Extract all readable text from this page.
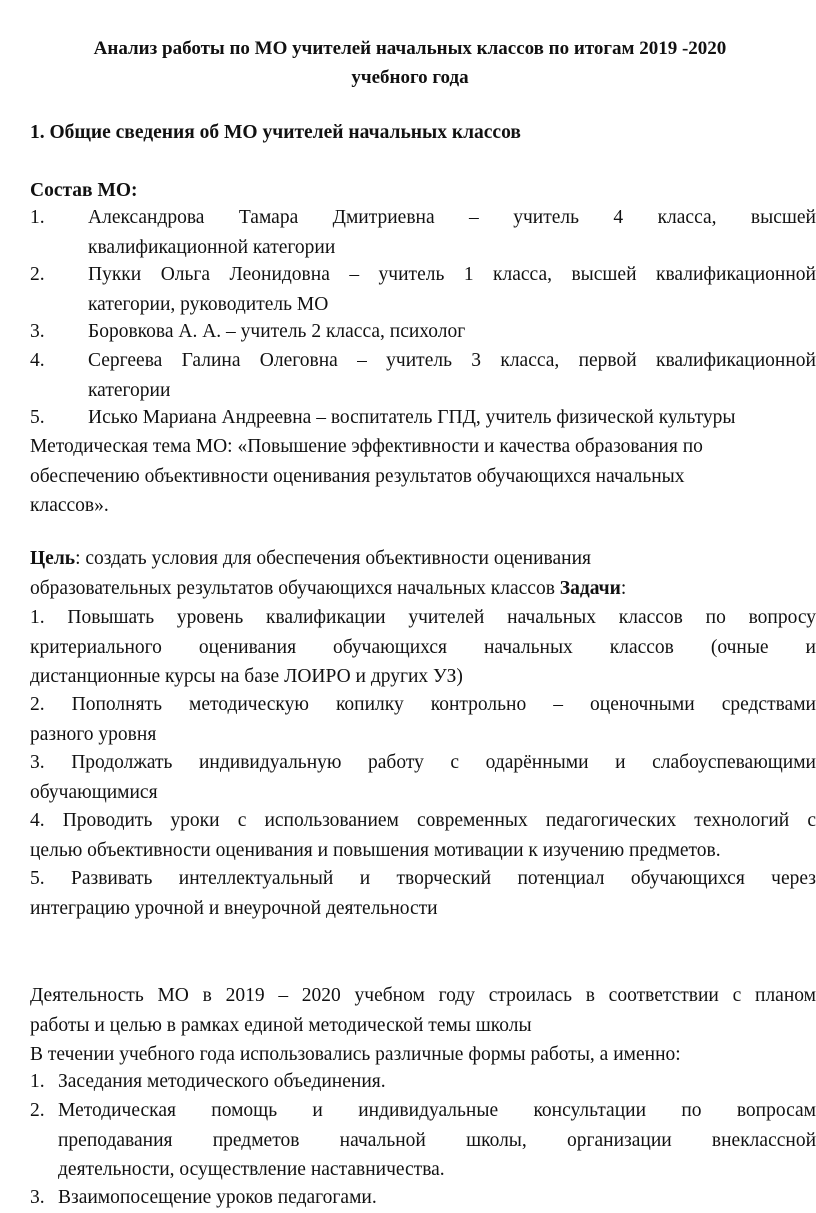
Анализ работы по МО учителей начальных классов по итогам 2019 -2020
учебного года
1. Общие сведения об МО учителей начальных классов
Состав МО:
1. Александрова Тамара Дмитриевна – учитель 4 класса, высшей
квалификационной категории
2. Пукки Ольга Леонидовна – учитель 1 класса, высшей квалификационной
категории, руководитель МО
3. Боровкова А. А. – учитель 2 класса, психолог
4. Сергеева Галина Олеговна – учитель 3 класса, первой квалификационной
категории
5. Исько Мариана Андреевна – воспитатель ГПД, учитель физической культуры
Методическая тема МО: «Повышение эффективности и качества образования по
обеспечению объективности оценивания результатов обучающихся начальных
классов».
Цель: создать условия для обеспечения объективности оценивания
образовательных результатов обучающихся начальных классов Задачи:
1. Повышать уровень квалификации учителей начальных классов по вопросу
критериального оценивания обучающихся начальных классов (очные и
дистанционные курсы на базе ЛОИРО и других УЗ)
2. Пополнять методическую копилку контрольно – оценочными средствами
разного уровня
3. Продолжать индивидуальную работу с одарёнными и слабоуспевающими
обучающимися
4. Проводить уроки с использованием современных педагогических технологий с
целью объективности оценивания и повышения мотивации к изучению предметов.
5. Развивать интеллектуальный и творческий потенциал обучающихся через
интеграцию урочной и внеурочной деятельности
Деятельность МО в 2019 – 2020 учебном году строилась в соответствии с планом
работы и целью в рамках единой методической темы школы
В течении учебного года использовались различные формы работы, а именно:
1. Заседания методического объединения.
2. Методическая помощь и индивидуальные консультации по вопросам
преподавания предметов начальной школы, организации внеклассной
деятельности, осуществление наставничества.
3. Взаимопосещение уроков педагогами.
